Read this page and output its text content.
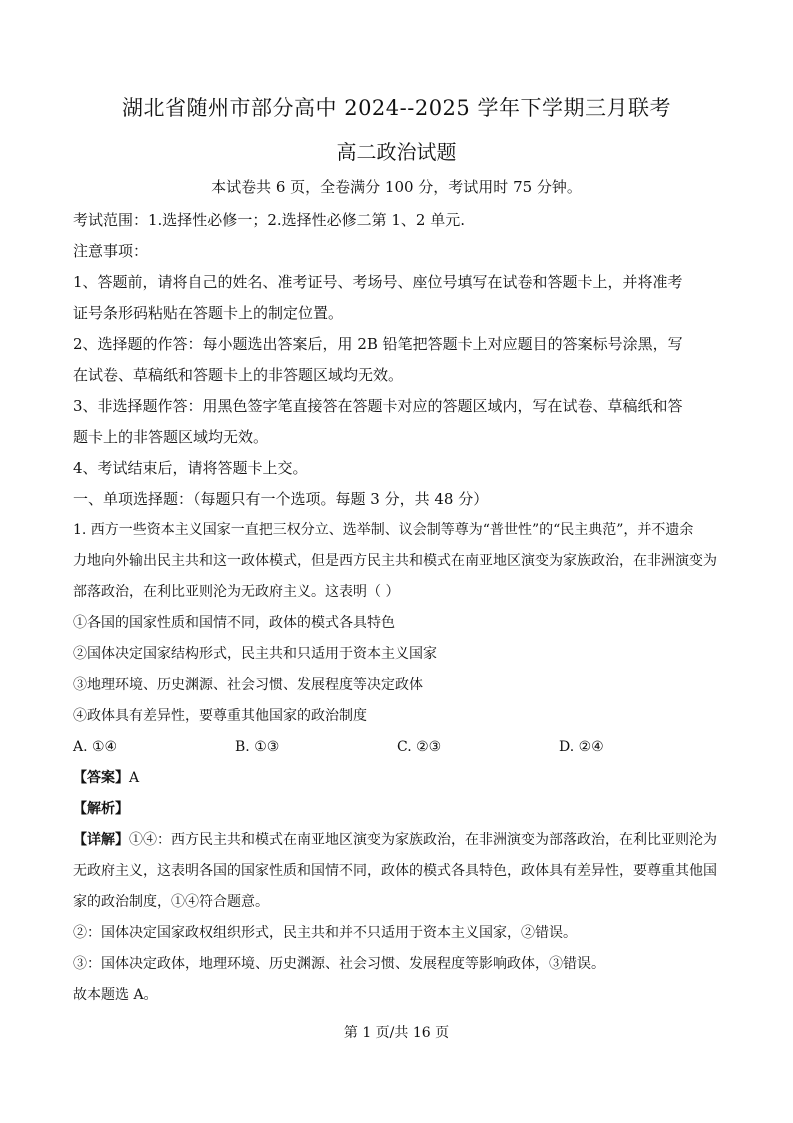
湖北省随州市部分高中 2024--2025 学年下学期三月联考
高二政治试题
本试卷共 6 页，全卷满分 100 分，考试用时 75 分钟。

考试范围：1.选择性必修一；2.选择性必修二第 1、2 单元.

注意事项：

1、答题前，请将自己的姓名、准考证号、考场号、座位号填写在试卷和答题卡上，并将准考

证号条形码粘贴在答题卡上的制定位置。

2、选择题的作答：每小题选出答案后，用 2B 铅笔把答题卡上对应题目的答案标号涂黑，写

在试卷、草稿纸和答题卡上的非答题区域均无效。

3、非选择题作答：用黑色签字笔直接答在答题卡对应的答题区域内，写在试卷、草稿纸和答

题卡上的非答题区域均无效。

4、考试结束后，请将答题卡上交。

一、单项选择题：（每题只有一个选项。每题 3 分，共 48 分）

1. 西方一些资本主义国家一直把三权分立、选举制、议会制等尊为“普世性”的“民主典范”，并不遗余

力地向外输出民主共和这一政体模式，但是西方民主共和模式在南亚地区演变为家族政治，在非洲演变为

部落政治，在利比亚则沦为无政府主义。这表明（ ）

①各国的国家性质和国情不同，政体的模式各具特色

②国体决定国家结构形式，民主共和只适用于资本主义国家

③地理环境、历史渊源、社会习惯、发展程度等决定政体

④政体具有差异性，要尊重其他国家的政治制度

A. ①④	B. ①③	C. ②③	D. ②④

【答案】A

【解析】

【详解】①④：西方民主共和模式在南亚地区演变为家族政治，在非洲演变为部落政治，在利比亚则沦为

无政府主义，这表明各国的国家性质和国情不同，政体的模式各具特色，政体具有差异性，要尊重其他国

家的政治制度，①④符合题意。

②：国体决定国家政权组织形式，民主共和并不只适用于资本主义国家，②错误。

③：国体决定政体，地理环境、历史渊源、社会习惯、发展程度等影响政体，③错误。

故本题选 A。

第 1 页/共 16 页
